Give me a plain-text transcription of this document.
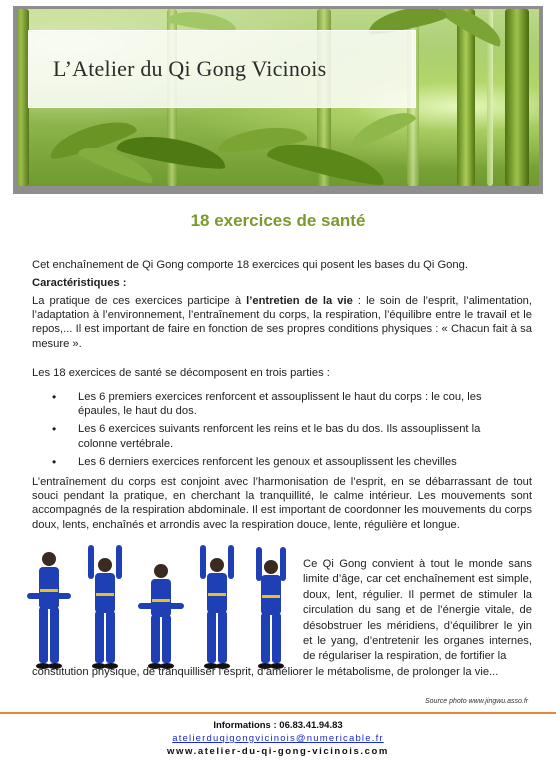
L’Atelier du Qi Gong Vicinois
18 exercices de santé
Cet enchaînement de Qi Gong comporte 18 exercices qui posent les bases du Qi Gong.
Caractéristiques :
La pratique de ces exercices participe à l’entretien de la vie : le soin de l’esprit, l’alimentation, l’adaptation à l’environnement, l’entraînement du corps, la respiration, l’équilibre entre le travail et le repos,... Il est important de faire en fonction de ses propres conditions physiques : « Chacun fait à sa mesure ».
Les 18 exercices de santé se décomposent en trois parties :
• Les 6 premiers exercices renforcent et assouplissent le haut du corps : le cou, les épaules, le haut du dos.
• Les 6 exercices suivants renforcent les reins et le bas du dos. Ils assouplissent la colonne vertébrale.
• Les 6 derniers exercices renforcent les genoux et assouplissent les chevilles
L’entraînement du corps est conjoint avec l’harmonisation de l’esprit, en se débarrassant de tout souci pendant la pratique, en cherchant la tranquillité, le calme intérieur. Les mouvements sont accompagnés de la respiration abdominale. Il est important de coordonner les mouvements du corps doux, lents, enchaînés et arrondis avec la respiration douce, lente, régulière et longue.
Ce Qi Gong convient à tout le monde sans limite d’âge, car cet enchaînement est simple, doux, lent, régulier. Il permet de stimuler la circulation du sang et de l’énergie vitale, de désobstruer les méridiens, d’équilibrer le yin et le yang, d’entretenir les organes internes, de régulariser la respiration, de fortifier la
constitution physique, de tranquilliser l’esprit, d’améliorer le métabolisme, de prolonger la vie...
Source photo www.jingwu.asso.fr
Informations : 06.83.41.94.83
atelierduqigongvicinois@numericable.fr
www.atelier-du-qi-gong-vicinois.com
